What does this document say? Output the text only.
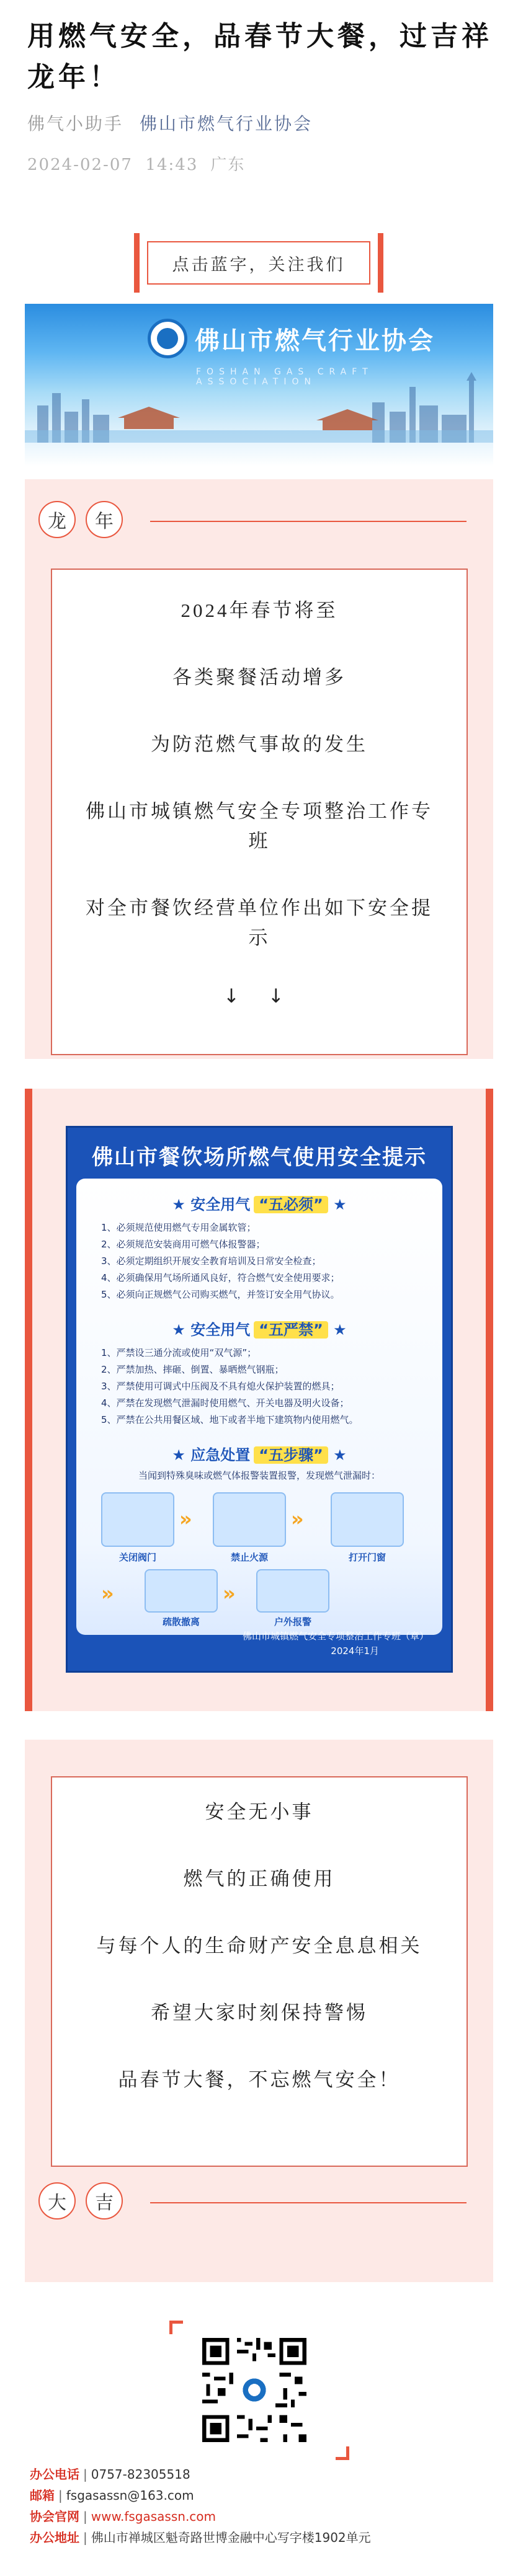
用燃气安全，品春节大餐，过吉祥龙年！
佛气小助手 佛山市燃气行业协会
2024-02-07 14:43 广东
点击蓝字，关注我们
佛山市燃气行业协会
FOSHAN GAS CRAFT ASSOCIATION
龙	年

2024年春节将至

各类聚餐活动增多

为防范燃气事故的发生

佛山市城镇燃气安全专项整治工作专班

对全市餐饮经营单位作出如下安全提示

↓ ↓

佛山市餐饮场所燃气使用安全提示
★ 安全用气 “五必须” ★
1、必须规范使用燃气专用金属软管；
2、必须规范安装商用可燃气体报警器；
3、必须定期组织开展安全教育培训及日常安全检查；
4、必须确保用气场所通风良好，符合燃气安全使用要求；
5、必须向正规燃气公司购买燃气，并签订安全用气协议。
★ 安全用气 “五严禁” ★
1、严禁设三通分流或使用“双气源”；
2、严禁加热、摔砸、倒置、暴晒燃气钢瓶；
3、严禁使用可调式中压阀及不具有熄火保护装置的燃具；
4、严禁在发现燃气泄漏时使用燃气、开关电器及明火设备；
5、严禁在公共用餐区域、地下或者半地下建筑物内使用燃气。
★ 应急处置 “五步骤” ★
当闻到特殊臭味或燃气体报警装置报警，发现燃气泄漏时：
»	»
关闭阀门	禁止火源	打开门窗
»	»
疏散撤离	户外报警
佛山市城镇燃气安全专项整治工作专班（章）
2024年1月

安全无小事

燃气的正确使用

与每个人的生命财产安全息息相关

希望大家时刻保持警惕

品春节大餐，不忘燃气安全！

大	吉
办公电话 | 0757-82305518
邮箱 | fsgasassn@163.com
协会官网 | www.fsgasassn.com
办公地址 | 佛山市禅城区魁奇路世博金融中心写字楼1902单元
